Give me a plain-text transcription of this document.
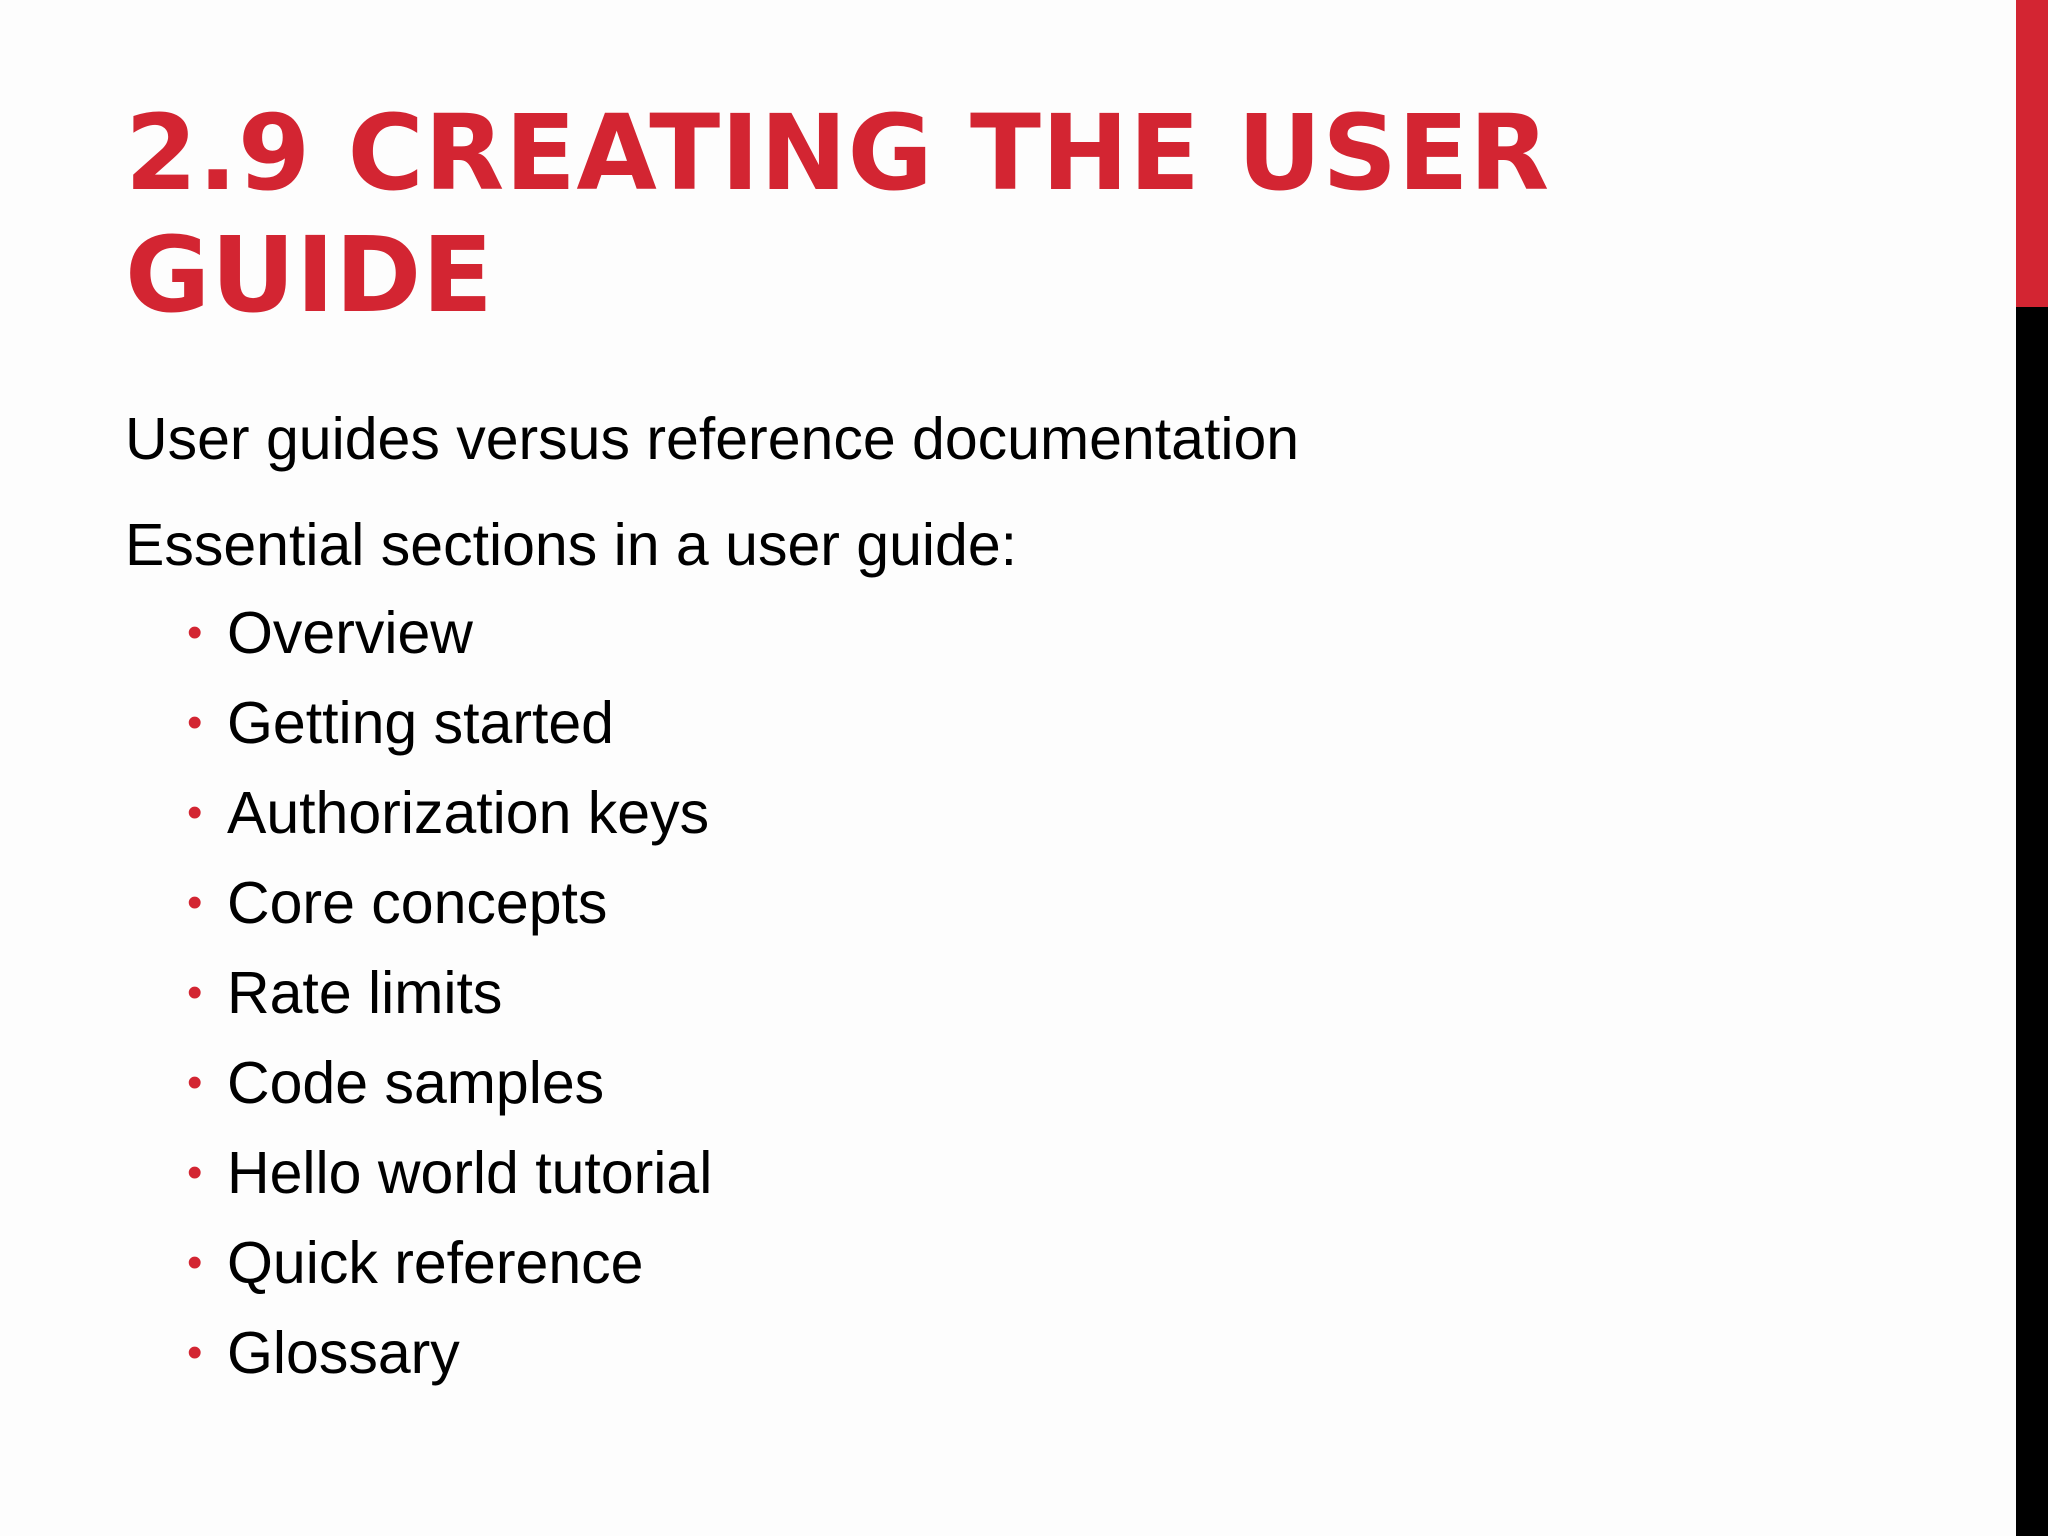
2.9 CREATING THE USER
GUIDE

User guides versus reference documentation

Essential sections in a user guide:

• Overview
• Getting started
• Authorization keys
• Core concepts
• Rate limits
• Code samples
• Hello world tutorial
• Quick reference
• Glossary
